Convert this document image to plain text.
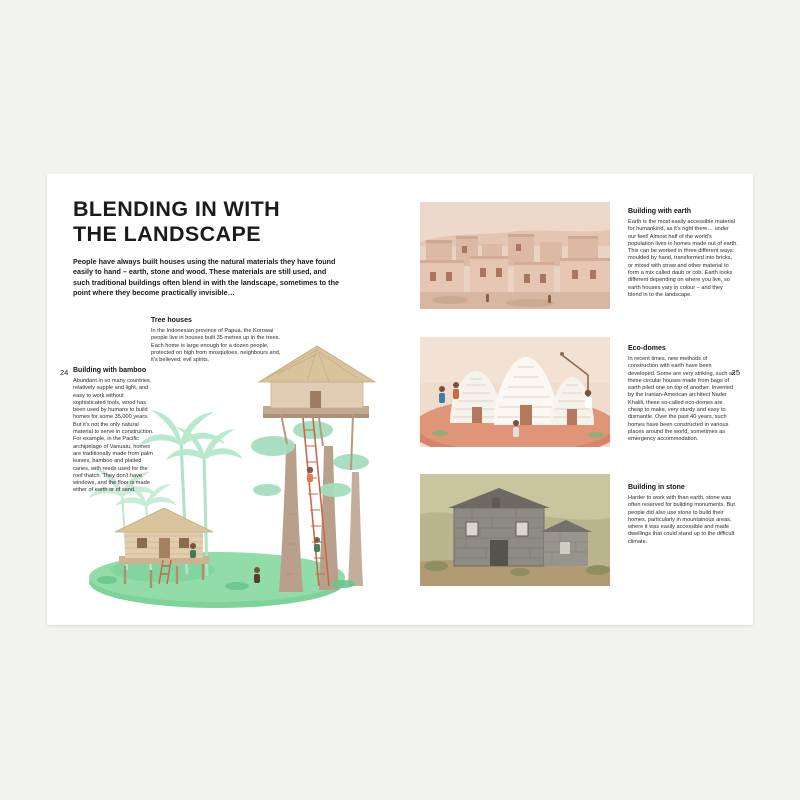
24
BLENDING IN WITH
THE LANDSCAPE
People have always built houses using the natural materials they have found easily to hand – earth, stone and wood. These materials are still used, and such traditional buildings often blend in with the landscape, sometimes to the point where they become practically invisible…

Tree houses

In the Indonesian province of Papua, the Korowai people live in houses built 35 metres up in the trees. Each home is large enough for a dozen people, protected on high from mosquitoes, neighbours and, it's believed, evil spirits.

Building with bamboo

Abundant in so many countries, relatively supple and light, and easy to work without sophisticated tools, wood has been used by humans to build homes for some 35,000 years. But it's not the only natural material to serve in construction. For example, in the Pacific archipelago of Vanuatu, homes are traditionally made from palm leaves, bamboo and plaited canes, with reeds used for the roof thatch. They don't have windows, and the floor is made either of earth or of sand.

25

Building with earth

Earth is the most easily accessible material for humankind, as it's right there… under our feet! Almost half of the world's population lives in homes made out of earth. This can be worked in three different ways: moulded by hand, transformed into bricks, or mixed with straw and other material to form a mix called daub or cob. Earth looks different depending on where you live, so earth houses vary in colour – and they blend in to the landscape.

Eco-domes

In recent times, new methods of construction with earth have been developed. Some are very striking, such as these circular houses made from bags of earth piled one on top of another. Invented by the Iranian-American architect Nader Khalili, these so-called eco-domes are cheap to make, very sturdy and easy to dismantle. Over the past 40 years, such homes have been constructed in various places around the world, sometimes as emergency accommodation.

Building in stone

Harder to work with than earth, stone was often reserved for building monuments. But people did also use stone to build their homes, particularly in mountainous areas, where it was easily accessible and made dwellings that could stand up to the difficult climate.
